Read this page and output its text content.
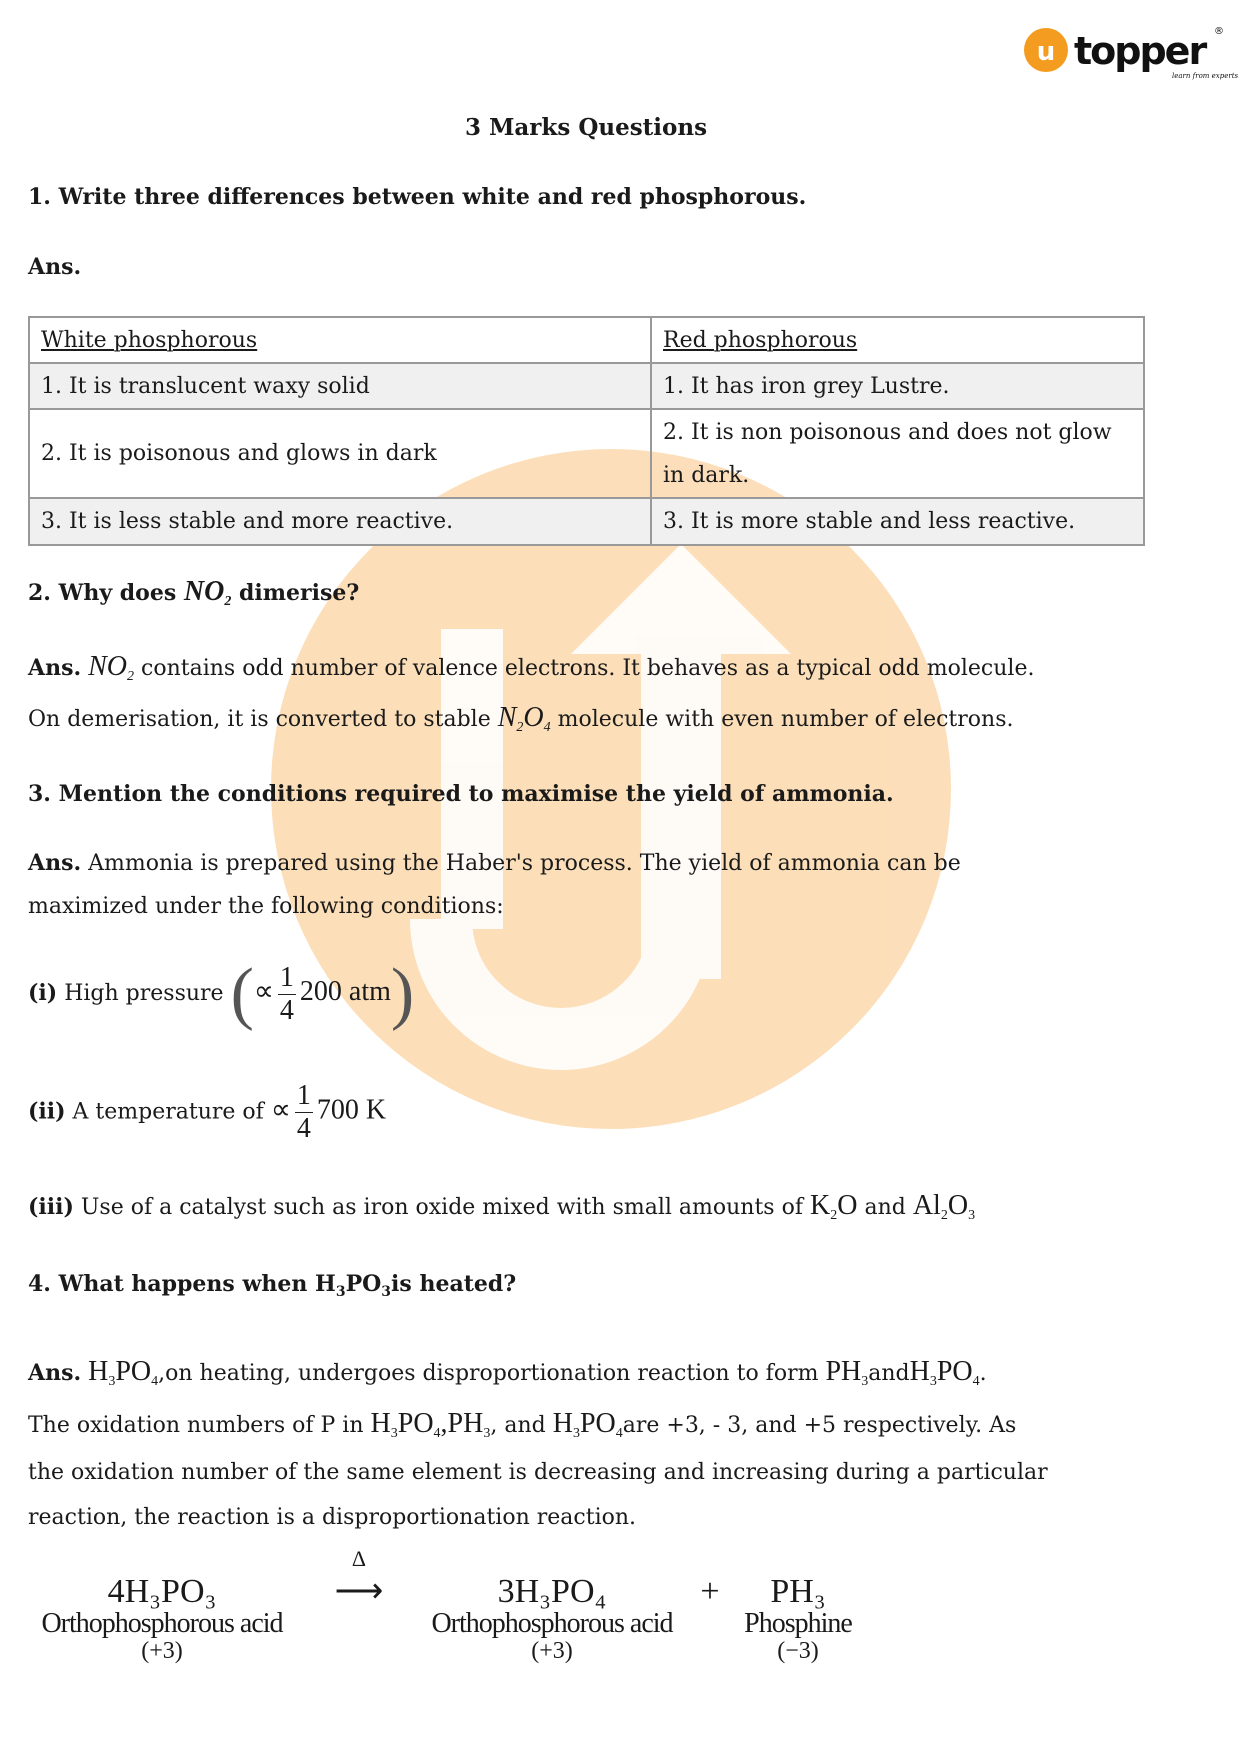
u topper ®
learn from experts
3 Marks Questions
1. Write three differences between white and red phosphorous.
Ans.
White phosphorous	Red phosphorous
1. It is translucent waxy solid	1. It has iron grey Lustre.
2. It is poisonous and glows in dark	2. It is non poisonous and does not glow in dark.
3. It is less stable and more reactive.	3. It is more stable and less reactive.
2. Why does $NO_2$ dimerise?
Ans. $NO_2$ contains odd number of valence electrons. It behaves as a typical odd molecule.
On demerisation, it is converted to stable $N_2O_4$ molecule with even number of electrons.
3. Mention the conditions required to maximise the yield of ammonia.
Ans. Ammonia is prepared using the Haber's process. The yield of ammonia can be
maximized under the following conditions:
(i) High pressure (∝ $\frac{1}{4} 200$ atm)
(ii) A temperature of ∝ $\frac{1}{4} 700$ K
(iii) Use of a catalyst such as iron oxide mixed with small amounts of $K_2O$ and $Al_2O_3$
4. What happens when $H_3PO_3is$ heated?
Ans. $H_3PO_4,on$ heating, undergoes disproportionation reaction to form $PH_3andH_3PO_4$.
The oxidation numbers of P in $H_3PO_4,PH_3$, and $H_3PO_4are +3$, - 3, and +5 respectively. As
the oxidation number of the same element is decreasing and increasing during a particular
reaction, the reaction is a disproportionation reaction.
4H₃PO₃
Orthophosphorous acid
(+3)
Δ
⟶	3H₃PO₄
Orthophosphorous acid
(+3)
+	PH₃
Phosphine
(−3)
